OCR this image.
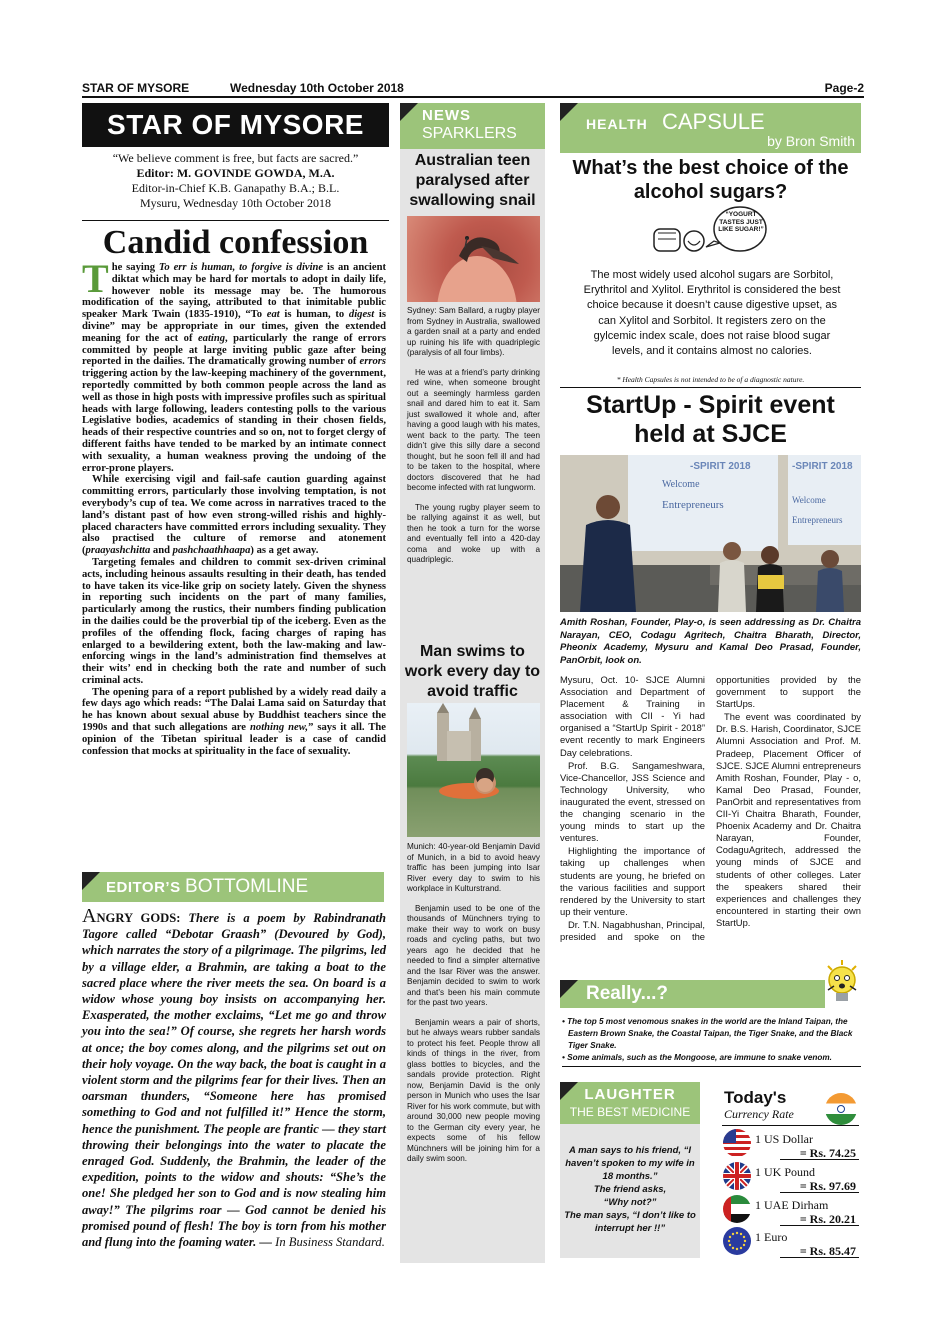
STAR OF MYSORE	Wednesday 10th October 2018	Page-2
STAR OF MYSORE
“We believe comment is free, but facts are sacred.”
Editor: M. GOVINDE GOWDA, M.A.
Editor-in-Chief K.B. Ganapathy B.A.; B.L.
Mysuru, Wednesday 10th October 2018
Candid confession

The saying To err is human, to forgive is divine is an ancient diktat which may be hard for mortals to adopt in daily life, however noble its message may be. The humorous modification of the saying, attributed to that inimitable public speaker Mark Twain (1835-1910), “To eat is human, to digest is divine” may be appropriate in our times, given the extended meaning for the act of eating, particularly the range of errors committed by people at large inviting public gaze after being reported in the dailies. The dramatically growing number of errors triggering action by the law-keeping machinery of the government, reportedly committed by both common people across the land as well as those in high posts with impressive profiles such as spiritual heads with large following, leaders contesting polls to the various Legislative bodies, academics of standing in their chosen fields, heads of their respective countries and so on, not to forget clergy of different faiths have tended to be marked by an intimate connect with sexuality, a human weakness proving the undoing of the error-prone players.

While exercising vigil and fail-safe caution guarding against committing errors, particularly those involving temptation, is not everybody’s cup of tea. We come across in narratives traced to the land’s distant past of how even strong-willed rishis and highly-placed characters have committed errors including sexuality. They also practised the culture of remorse and atonement (praayashchitta and pashchaathhaapa) as a get away.

Targeting females and children to commit sex-driven criminal acts, including heinous assaults resulting in their death, has tended to have taken its vice-like grip on society lately. Given the shyness in reporting such incidents on the part of many families, particularly among the rustics, their numbers finding publication in the dailies could be the proverbial tip of the iceberg. Even as the profiles of the offending flock, facing charges of raping has enlarged to a bewildering extent, both the law-making and law-enforcing wings in the land’s administration find themselves at their wits’ end in checking both the rate and number of such criminal acts.

The opening para of a report published by a widely read daily a few days ago which reads: “The Dalai Lama said on Saturday that he has known about sexual abuse by Buddhist teachers since the 1990s and that such allegations are nothing new,” says it all. The opinion of the Tibetan spiritual leader is a case of candid confession that mocks at spirituality in the face of sexuality.

EDITOR’S BOTTOMLINE
ANGRY GODS: There is a poem by Rabindranath Tagore called “Debotar Graash” (Devoured by God), which narrates the story of a pilgrimage. The pilgrims, led by a village elder, a Brahmin, are taking a boat to the sacred place where the river meets the sea. On board is a widow whose young boy insists on accompanying her. Exasperated, the mother exclaims, “Let me go and throw you into the sea!” Of course, she regrets her harsh words at once; the boy comes along, and the pilgrims set out on their holy voyage. On the way back, the boat is caught in a violent storm and the pilgrims fear for their lives. Then an oarsman thunders, “Someone here has promised something to God and not fulfilled it!” Hence the storm, hence the punishment. The people are frantic — they start throwing their belongings into the water to placate the enraged God. Suddenly, the Brahmin, the leader of the expedition, points to the widow and shouts: “She’s the one! She pledged her son to God and is now stealing him away!” The pilgrims roar — God cannot be denied his promised pound of flesh! The boy is torn from his mother and flung into the foaming water. — In Business Standard.
NEWS
SPARKLERS
Australian teen paralysed after swallowing snail

Sydney: Sam Ballard, a rugby player from Sydney in Australia, swallowed a garden snail at a party and ended up ruining his life with quadriplegic (paralysis of all four limbs).

He was at a friend’s party drinking red wine, when someone brought out a seemingly harmless garden snail and dared him to eat it. Sam just swallowed it whole and, after having a good laugh with his mates, went back to the party. The teen didn’t give this silly dare a second thought, but he soon fell ill and had to be taken to the hospital, where doctors discovered that he had become infected with rat lungworm.

The young rugby player seem to be rallying against it as well, but then he took a turn for the worse and eventually fell into a 420-day coma and woke up with a quadriplegic.

Man swims to work every day to avoid traffic

Munich: 40-year-old Benjamin David of Munich, in a bid to avoid heavy traffic has been jumping into Isar River every day to swim to his workplace in Kulturstrand.

Benjamin used to be one of the thousands of Münchners trying to make their way to work on busy roads and cycling paths, but two years ago he decided that he needed to find a simpler alternative and the Isar River was the answer. Benjamin decided to swim to work and that’s been his main commute for the past two years.

Benjamin wears a pair of shorts, but he always wears rubber sandals to protect his feet. People throw all kinds of things in the river, from glass bottles to bicycles, and the sandals provide protection. Right now, Benjamin David is the only person in Munich who uses the Isar River for his work commute, but with around 30,000 new people moving to the German city every year, he expects some of his fellow Münchners will be joining him for a daily swim soon.

HEALTH CAPSULE
by Bron Smith
What’s the best choice of the alcohol sugars?
“YOGURT TASTES JUST LIKE SUGAR!”
The most widely used alcohol sugars are Sorbitol, Erythritol and Xylitol. Erythritol is considered the best choice because it doesn’t cause digestive upset, as can Xylitol and Sorbitol. It registers zero on the gylcemic index scale, does not raise blood sugar levels, and it contains almost no calories.
* Health Capsules is not intended to be of a diagnostic nature.
StartUp - Spirit event held at SJCE
-SPIRIT 2018	-SPIRIT 2018
Welcome
Welcome
Entrepreneurs
Entrepreneurs
Amith Roshan, Founder, Play-o, is seen addressing as Dr. Chaitra Narayan, CEO, Codagu Agritech, Chaitra Bharath, Director, Pheonix Academy, Mysuru and Kamal Deo Prasad, Founder, PanOrbit, look on.

Mysuru, Oct. 10- SJCE Alumni Association and Department of Placement & Training in association with CII - Yi had organised a “StartUp Spirit - 2018” event recently to mark Engineers Day celebrations.

Prof. B.G. Sangameshwara, Vice-Chancellor, JSS Science and Technology University, who inaugurated the event, stressed on the changing scenario in the young minds to start up the ventures.

Highlighting the importance of taking up challenges when students are young, he briefed on the various facilities and support rendered by the University to start up their venture.

Dr. T.N. Nagabhushan, Principal, presided and spoke on the opportunities provided by the government to support the StartUps.

The event was coordinated by Dr. B.S. Harish, Coordinator, SJCE Alumni Association and Prof. M. Pradeep, Placement Officer of SJCE. SJCE Alumni entrepreneurs Amith Roshan, Founder, Play - o, Kamal Deo Prasad, Founder, PanOrbit and representatives from CII-Yi Chaitra Bharath, Founder, Phoenix Academy and Dr. Chaitra Narayan, Founder, CodaguAgritech, addressed the young minds of SJCE and students of other colleges. Later the speakers shared their experiences and challenges they encountered in starting their own StartUp.

Really...?

• The top 5 most venomous snakes in the world are the Inland Taipan, the Eastern Brown Snake, the Coastal Taipan, the Tiger Snake, and the Black Tiger Snake.

• Some animals, such as the Mongoose, are immune to snake venom.

LAUGHTER
THE BEST MEDICINE
A man says to his friend, “I haven’t spoken to my wife in 18 months.”
The friend asks,
“Why not?”
The man says, “I don’t like to interrupt her !!”
Today's
Currency Rate
1 US Dollar
= Rs. 74.25
1 UK Pound
= Rs. 97.69
1 UAE Dirham
= Rs. 20.21
1 Euro
= Rs. 85.47
